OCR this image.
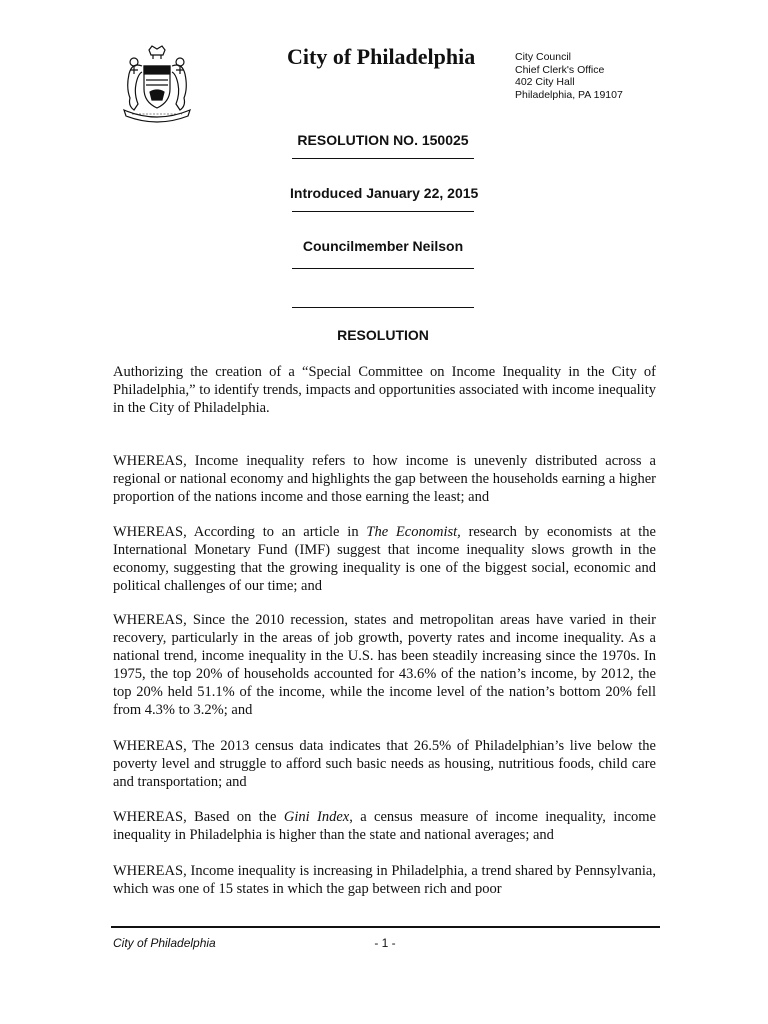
City of Philadelphia	City Council
Chief Clerk's Office
402 City Hall
Philadelphia, PA 19107
RESOLUTION NO. 150025
Introduced January 22, 2015
Councilmember Neilson
RESOLUTION
Authorizing the creation of a “Special Committee on Income Inequality in the City of Philadelphia,” to identify trends, impacts and opportunities associated with income inequality in the City of Philadelphia.
WHEREAS, Income inequality refers to how income is unevenly distributed across a regional or national economy and highlights the gap between the households earning a higher proportion of the nations income and those earning the least; and
WHEREAS, According to an article in The Economist, research by economists at the International Monetary Fund (IMF) suggest that income inequality slows growth in the economy, suggesting that the growing inequality is one of the biggest social, economic and political challenges of our time; and
WHEREAS, Since the 2010 recession, states and metropolitan areas have varied in their recovery, particularly in the areas of job growth, poverty rates and income inequality. As a national trend, income inequality in the U.S. has been steadily increasing since the 1970s. In 1975, the top 20% of households accounted for 43.6% of the nation’s income, by 2012, the top 20% held 51.1% of the income, while the income level of the nation’s bottom 20% fell from 4.3% to 3.2%; and
WHEREAS, The 2013 census data indicates that 26.5% of Philadelphian’s live below the poverty level and struggle to afford such basic needs as housing, nutritious foods, child care and transportation; and
WHEREAS, Based on the Gini Index, a census measure of income inequality, income inequality in Philadelphia is higher than the state and national averages; and
WHEREAS, Income inequality is increasing in Philadelphia, a trend shared by Pennsylvania, which was one of 15 states in which the gap between rich and poor
City of Philadelphia	- 1 -
